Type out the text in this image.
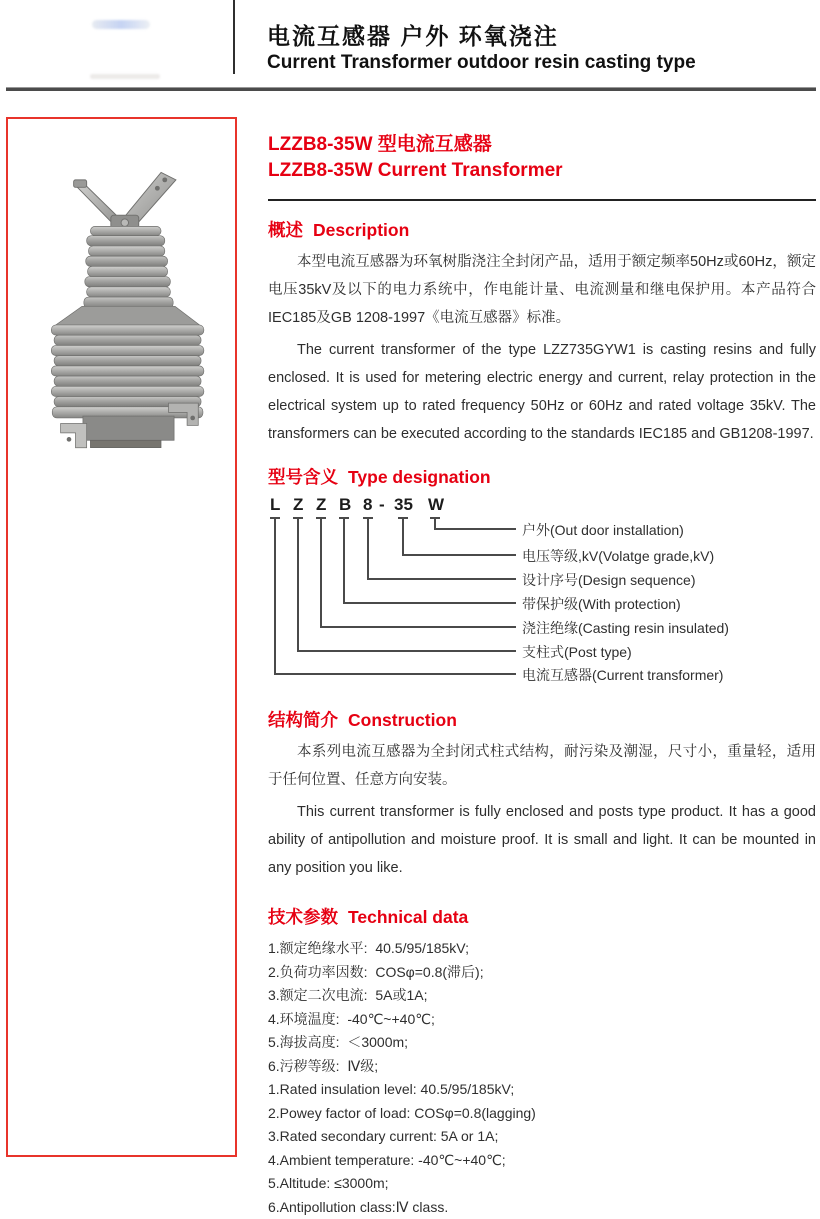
电流互感器 户外 环氧浇注
Current Transformer outdoor resin casting type
LZZB8-35W 型电流互感器
LZZB8-35W Current Transformer
概述 Description

本型电流互感器为环氧树脂浇注全封闭产品，适用于额定频率50Hz或60Hz，额定电压35kV及以下的电力系统中，作电能计量、电流测量和继电保护用。本产品符合IEC185及GB 1208-1997《电流互感器》标准。

The current transformer of the type LZZ735GYW1 is casting resins and fully enclosed. It is used for metering electric energy and current, relay protection in the electrical system up to rated frequency 50Hz or 60Hz and rated voltage 35kV. The transformers can be executed according to the standards IEC185 and GB1208-1997.

型号含义 Type designation
L Z Z B 8 - 35 W
户外(Out door installation)
电压等级,kV(Volatge grade,kV)
设计序号(Design sequence)
带保护级(With protection)
浇注绝缘(Casting resin insulated)
支柱式(Post type)
电流互感器(Current transformer)
结构简介 Construction

本系列电流互感器为全封闭式柱式结构，耐污染及潮湿，尺寸小，重量轻，适用于任何位置、任意方向安装。

This current transformer is fully enclosed and posts type product. It has a good ability of antipollution and moisture proof. It is small and light. It can be mounted in any position you like.

技术参数 Technical data
1.额定绝缘水平:  40.5/95/185kV;
2.负荷功率因数:  COSφ=0.8(滞后);
3.额定二次电流:  5A或1A;
4.环境温度:  -40℃~+40℃;
5.海拔高度:  ＜3000m;
6.污秽等级:  Ⅳ级;
1.Rated insulation level: 40.5/95/185kV;
2.Powey factor of load: COSφ=0.8(lagging)
3.Rated secondary current: 5A or 1A;
4.Ambient temperature: -40℃~+40℃;
5.Altitude: ≤3000m;
6.Antipollution class:Ⅳ class.
